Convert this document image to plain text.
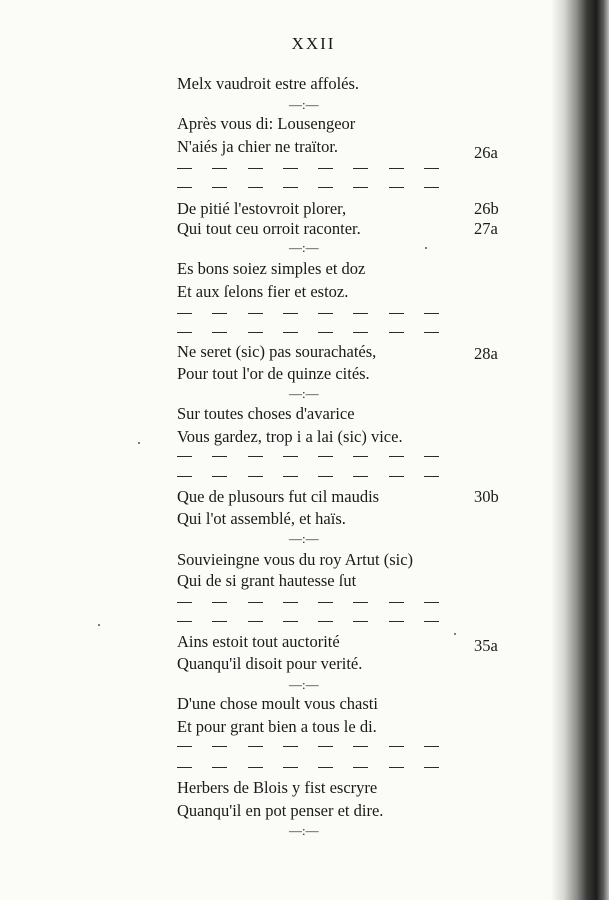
XXII
Melx vaudroit estre affolés.
—:—
Après vous di: Lousengeor
N'aiés ja chier ne traïtor.	26a
De pitié l'estovroit plorer,	26b
Qui tout ceu orroit raconter.	27a
—:—
Es bons soiez simples et doz
Et aux ſelons fier et estoz.
Ne seret (sic) pas sourachatés,	28a
Pour tout l'or de quinze cités.
—:—
Sur toutes choses d'avarice
Vous gardez, trop i a lai (sic) vice.
Que de plusours fut cil maudis	30b
Qui l'ot assemblé, et haïs.
—:—
Souvieingne vous du roy Artut (sic)
Qui de si grant hautesse ſut
Ains estoit tout auctorité	35a
Quanqu'il disoit pour verité.
—:—
D'une chose moult vous chasti
Et pour grant bien a tous le di.
Herbers de Blois y fist escryre
Quanqu'il en pot penser et dire.
—:—
